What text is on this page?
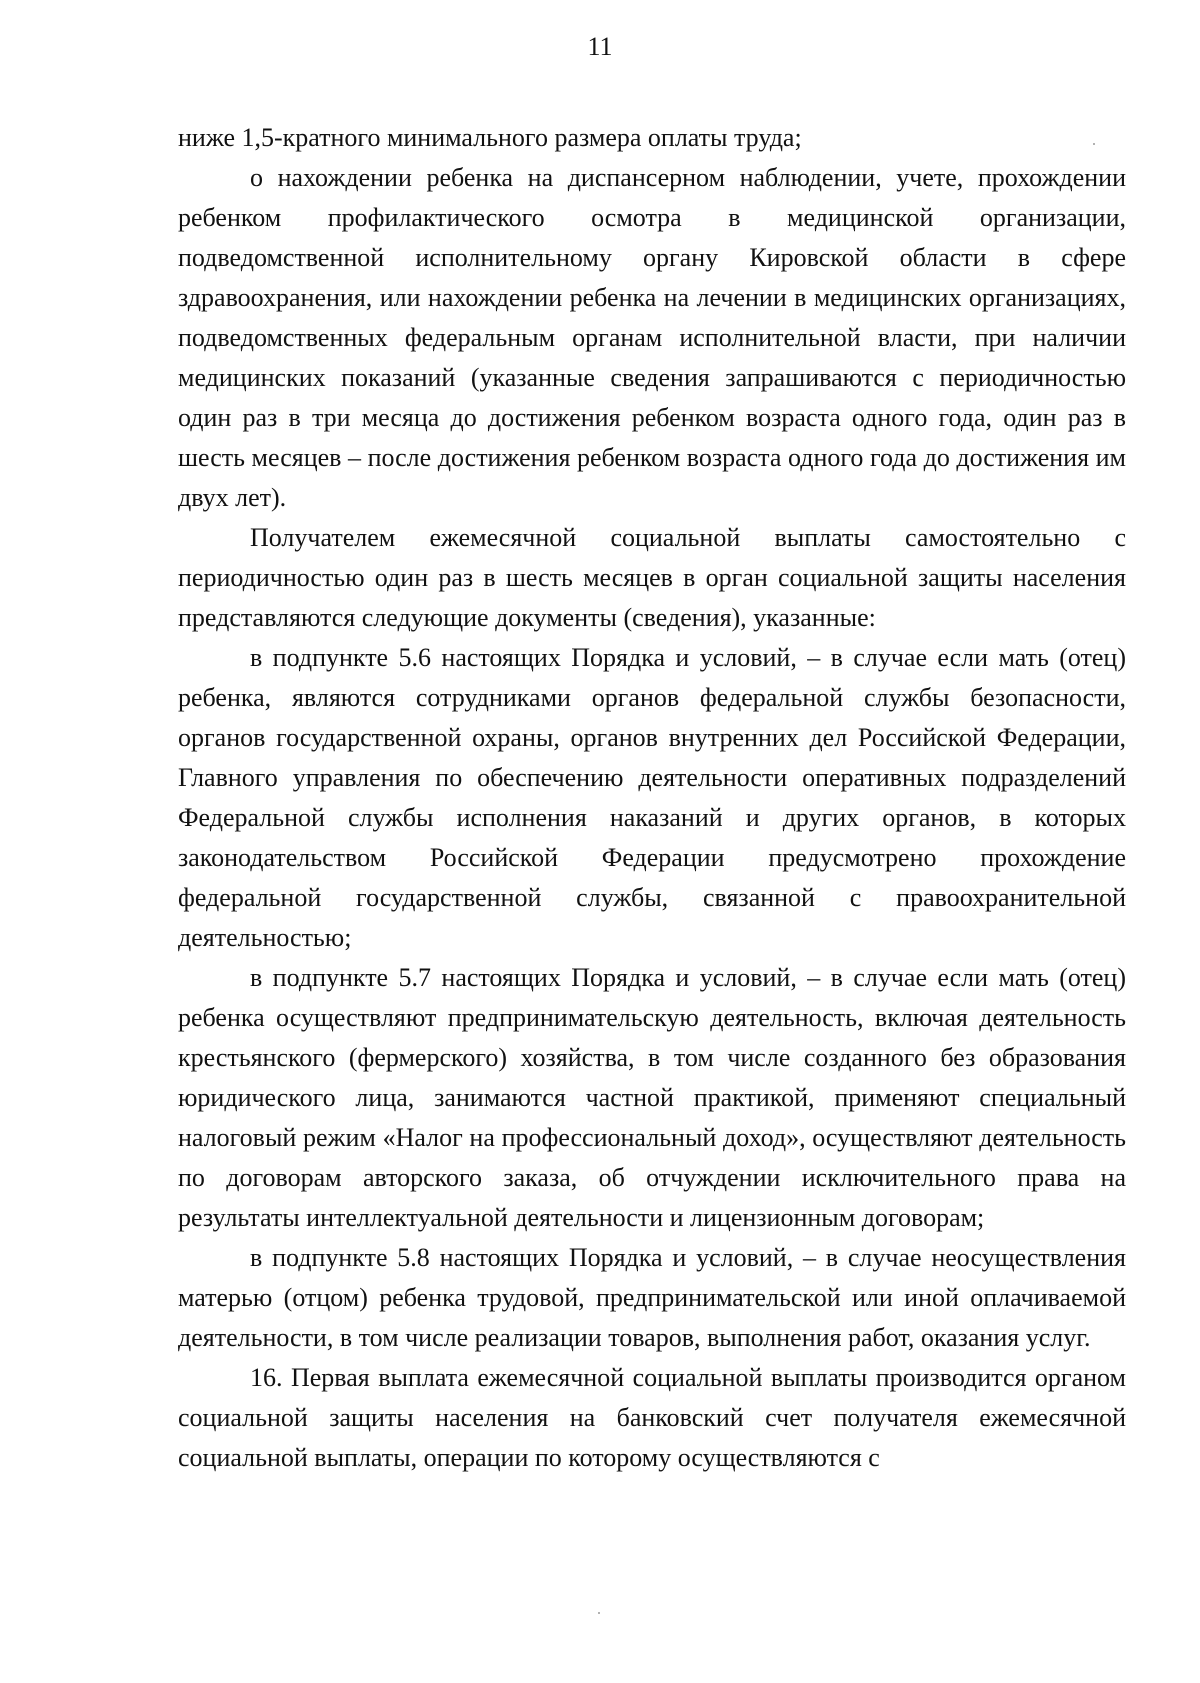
11

ниже 1,5-кратного минимального размера оплаты труда;

о нахождении ребенка на диспансерном наблюдении, учете, прохождении ребенком профилактического осмотра в медицинской организации, подведомственной исполнительному органу Кировской области в сфере здравоохранения, или нахождении ребенка на лечении в медицинских организациях, подведомственных федеральным органам исполнительной власти, при наличии медицинских показаний (указанные сведения запрашиваются с периодичностью один раз в три месяца до достижения ребенком возраста одного года, один раз в шесть месяцев – после достижения ребенком возраста одного года до достижения им двух лет).

Получателем ежемесячной социальной выплаты самостоятельно с периодичностью один раз в шесть месяцев в орган социальной защиты населения представляются следующие документы (сведения), указанные:

в подпункте 5.6 настоящих Порядка и условий, – в случае если мать (отец) ребенка, являются сотрудниками органов федеральной службы безопасности, органов государственной охраны, органов внутренних дел Российской Федерации, Главного управления по обеспечению деятельности оперативных подразделений Федеральной службы исполнения наказаний и других органов, в которых законодательством Российской Федерации предусмотрено прохождение федеральной государственной службы, связанной с правоохранительной деятельностью;

в подпункте 5.7 настоящих Порядка и условий, – в случае если мать (отец) ребенка осуществляют предпринимательскую деятельность, включая деятельность крестьянского (фермерского) хозяйства, в том числе созданного без образования юридического лица, занимаются частной практикой, применяют специальный налоговый режим «Налог на профессиональный доход», осуществляют деятельность по договорам авторского заказа, об отчуждении исключительного права на результаты интеллектуальной деятельности и лицензионным договорам;

в подпункте 5.8 настоящих Порядка и условий, – в случае неосуществления матерью (отцом) ребенка трудовой, предпринимательской или иной оплачиваемой деятельности, в том числе реализации товаров, выполнения работ, оказания услуг.

16. Первая выплата ежемесячной социальной выплаты производится органом социальной защиты населения на банковский счет получателя ежемесячной социальной выплаты, операции по которому осуществляются с
